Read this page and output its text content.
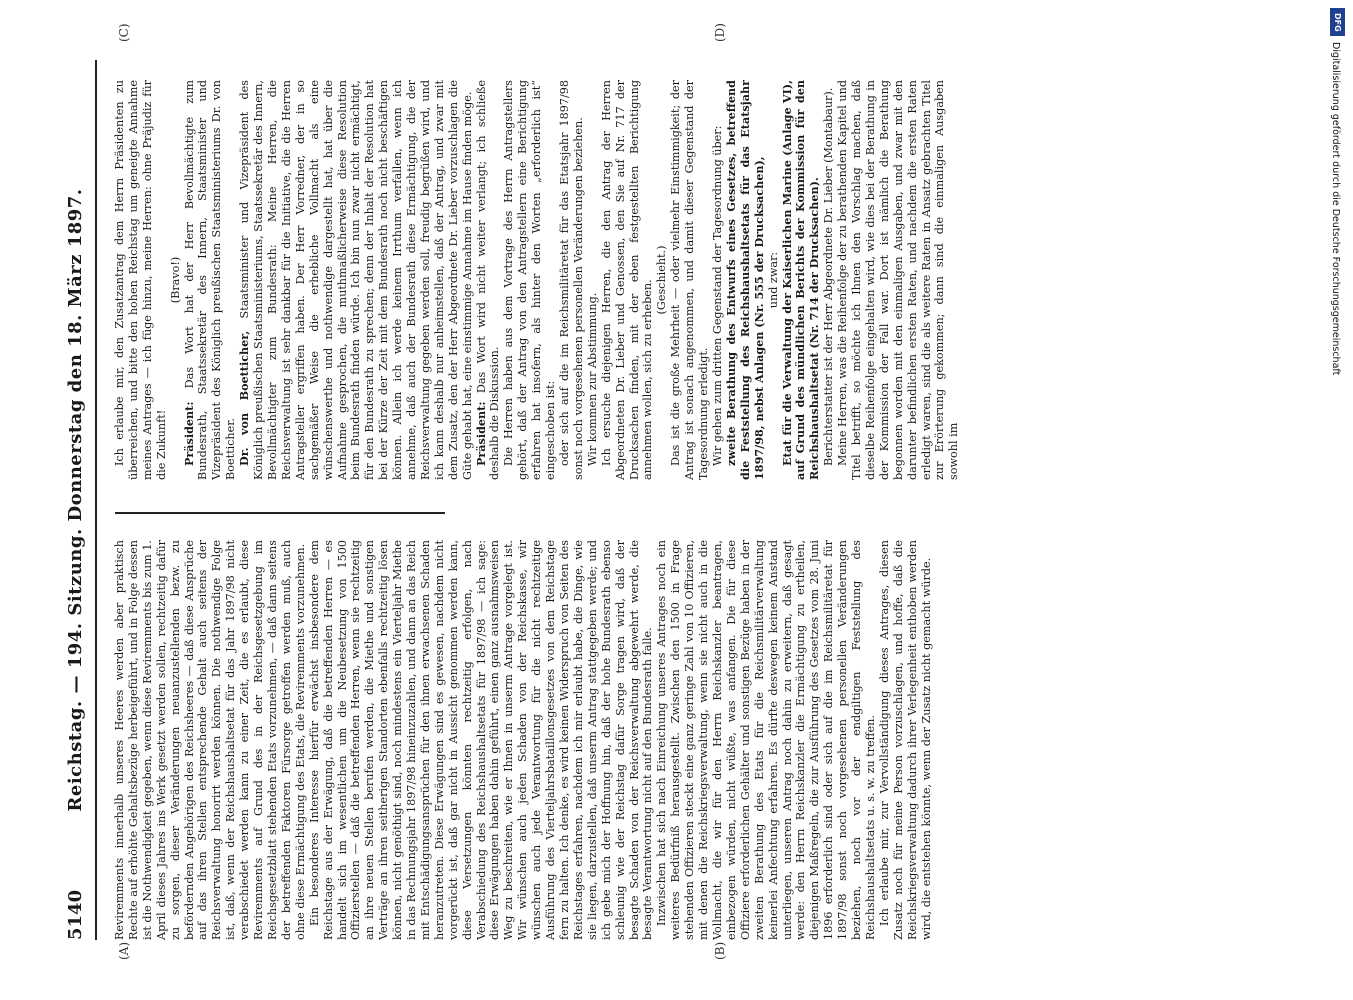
5140
Reichstag. — 194. Sitzung. Donnerstag den 18. März 1897.
(A)	(B)
(C)	(D)

Reviremments innerhalb unseres Heeres werden aber praktisch Rechte auf erhöhte Gehaltsbezüge herbeigeführt, und in Folge dessen ist die Nothwendigkeit gegeben, wenn diese Reviremments bis zum 1. April dieses Jahres ins Werk gesetzt werden sollen, rechtzeitig dafür zu sorgen, dieser Veränderungen neuanzustellenden bezw. zu befördernden Angehörigen des Reichsheeres — daß diese Ansprüche auf das ihren Stellen entsprechende Gehalt auch seitens der Reichsverwaltung honorirt werden können. Die nothwendige Folge ist, daß, wenn der Reichshaushaltsetat für das Jahr 1897/98 nicht verabschiedet werden kann zu einer Zeit, die es erlaubt, diese Reviremments auf Grund des in der Reichsgesetzgebung im Reichsgesetzblatt stehenden Etats vorzunehmen, — daß dann seitens der betreffenden Faktoren Fürsorge getroffen werden muß, auch ohne diese Ermächtigung des Etats, die Reviremments vorzunehmen. Ein besonderes Interesse hierfür erwächst insbesondere dem Reichstage aus der Erwägung, daß die betreffenden Herren — es handelt sich im wesentlichen um die Neubesetzung von 1500 Offizierstellen — daß die betreffenden Herren, wenn sie rechtzeitig an ihre neuen Stellen berufen werden, die Miethe und sonstigen Verträge an ihren seitherigen Standorten ebenfalls rechtzeitig lösen können, nicht genöthigt sind, noch mindestens ein Vierteljahr Miethe in das Rechnungsjahr 1897/98 hineinzuzahlen, und dann an das Reich mit Entschädigungsansprüchen für den ihnen erwachsenen Schaden heranzutreten. Diese Erwägungen sind es gewesen, nachdem nicht vorgerückt ist, daß gar nicht in Aussicht genommen werden kann, diese Versetzungen könnten rechtzeitig erfolgen, nach Verabschiedung des Reichshaushaltsetats für 1897/98 — ich sage: diese Erwägungen haben dahin geführt, einen ganz ausnahmsweisen Weg zu beschreiten, wie er Ihnen in unserm Antrage vorgelegt ist. Wir wünschen auch jeden Schaden von der Reichskasse, wir wünschen auch jede Verantwortung für die nicht rechtzeitige Ausführung des Vierteljahrsbataillonsgesetzes von dem Reichstage fern zu halten. Ich denke, es wird keinen Widerspruch von Seiten des Reichstages erfahren, nachdem ich mir erlaubt habe, die Dinge, wie sie liegen, darzustellen, daß unserm Antrag stattgegeben werde; und ich gebe mich der Hoffnung hin, daß der hohe Bundesrath ebenso schleunig wie der Reichstag dafür Sorge tragen wird, daß der besagte Schaden von der Reichsverwaltung abgewehrt werde, die besagte Verantwortung nicht auf den Bundesrath falle. Inzwischen hat sich nach Einreichung unseres Antrages noch ein weiteres Bedürfniß herausgestellt. Zwischen den 1500 in Frage stehenden Offizieren steckt eine ganz geringe Zahl von 10 Offizieren, mit denen die Reichskriegsverwaltung, wenn sie nicht auch in die Vollmacht, die wir für den Herrn Reichskanzler beantragen, einbezogen würden, nicht wüßte, was anfangen. Die für diese Offiziere erforderlichen Gehälter und sonstigen Bezüge haben in der zweiten Berathung des Etats für die Reichsmilitärverwaltung keinerlei Anfechtung erfahren. Es dürfte deswegen keinem Anstand unterliegen, unseren Antrag noch dahin zu erweitern, daß gesagt werde: den Herrn Reichskanzler die Ermächtigung zu ertheilen, diejenigen Maßregeln, die zur Ausführung des Gesetzes vom 28. Juni 1896 erforderlich sind oder sich auf die im Reichsmilitäretat für 1897/98 sonst noch vorgesehenen personellen Veränderungen beziehen, noch vor der endgiltigen Feststellung des Reichshaushaltsetats u. s. w. zu treffen. Ich erlaube mir, zur Vervollständigung dieses Antrages, diesen Zusatz noch für meine Person vorzuschlagen, und hoffe, daß die Reichskriegsverwaltung dadurch ihrer Verlegenheit enthoben werden wird, die entstehen könnte, wenn der Zusatz nicht gemacht würde.

Ich erlaube mir, den Zusatzantrag dem Herrn Präsidenten zu überreichen, und bitte den hohen Reichstag um geneigte Annahme meines Antrages — ich füge hinzu, meine Herren: ohne Präjudiz für die Zukunft!

(Bravo!)

Präsident: Das Wort hat der Herr Bevollmächtigte zum Bundesrath, Staatssekretär des Innern, Staatsminister und Vizepräsident des Königlich preußischen Staatsministeriums Dr. von Boetticher. Dr. von Boetticher, Staatsminister und Vizepräsident des Königlich preußischen Staatsministeriums, Staatssekretär des Innern, Bevollmächtigter zum Bundesrath: Meine Herren, die Reichsverwaltung ist sehr dankbar für die Initiative, die die Herren Antragsteller ergriffen haben. Der Herr Vorredner, der in so sachgemäßer Weise die erhebliche Vollmacht als eine wünschenswerthe und nothwendige dargestellt hat, hat über die Aufnahme gesprochen, die muthmaßlicherweise diese Resolution beim Bundesrath finden würde. Ich bin nun zwar nicht ermächtigt, für den Bundesrath zu sprechen; denn der Inhalt der Resolution hat bei der Kürze der Zeit mit dem Bundesrath noch nicht beschäftigen können. Allein ich werde keinem Irrthum verfallen, wenn ich annehme, daß auch der Bundesrath diese Ermächtigung, die der Reichsverwaltung gegeben werden soll, freudig begrüßen wird, und ich kann deshalb nur anheimstellen, daß der Antrag, und zwar mit dem Zusatz, den der Herr Abgeordnete Dr. Lieber vorzuschlagen die Güte gehabt hat, eine einstimmige Annahme im Hause finden möge. Präsident: Das Wort wird nicht weiter verlangt; ich schließe deshalb die Diskussion. Die Herren haben aus dem Vortrage des Herrn Antragstellers gehört, daß der Antrag von den Antragstellern eine Berichtigung erfahren hat insofern, als hinter den Worten „erforderlich ist“ eingeschoben ist: oder sich auf die im Reichsmilitäretat für das Etatsjahr 1897/98 sonst noch vorgesehenen personellen Veränderungen beziehen. Wir kommen zur Abstimmung. Ich ersuche diejenigen Herren, die den Antrag der Herren Abgeordneten Dr. Lieber und Genossen, den Sie auf Nr. 717 der Drucksachen finden, mit der eben festgestellten Berichtigung annehmen wollen, sich zu erheben. (Geschieht.) Das ist die große Mehrheit — oder vielmehr Einstimmigkeit; der Antrag ist sonach angenommen, und damit dieser Gegenstand der Tagesordnung erledigt. Wir gehen zum dritten Gegenstand der Tagesordnung über: zweite Berathung des Entwurfs eines Gesetzes, betreffend die Feststellung des Reichshaushaltsetats für das Etatsjahr 1897/98, nebst Anlagen (Nr. 555 der Drucksachen), und zwar: Etat für die Verwaltung der Kaiserlichen Marine (Anlage VI), auf Grund des mündlichen Berichts der Kommission für den Reichshaushaltsetat (Nr. 714 der Drucksachen). Berichterstatter ist der Herr Abgeordnete Dr. Lieber (Montabaur). Meine Herren, was die Reihenfolge der zu berathenden Kapitel und Titel betrifft, so möchte ich Ihnen den Vorschlag machen, daß dieselbe Reihenfolge eingehalten wird, wie dies bei der Berathung in der Kommission der Fall war. Dort ist nämlich die Berathung begonnen worden mit den einmaligen Ausgaben, und zwar mit den darunter befindlichen ersten Raten, und nachdem die ersten Raten erledigt waren, sind die als weitere Raten in Ansatz gebrachten Titel zur Erörterung gekommen; dann sind die einmaligen Ausgaben sowohl im

DFG
Digitalisierung gefördert durch die Deutsche Forschungsgemeinschaft
